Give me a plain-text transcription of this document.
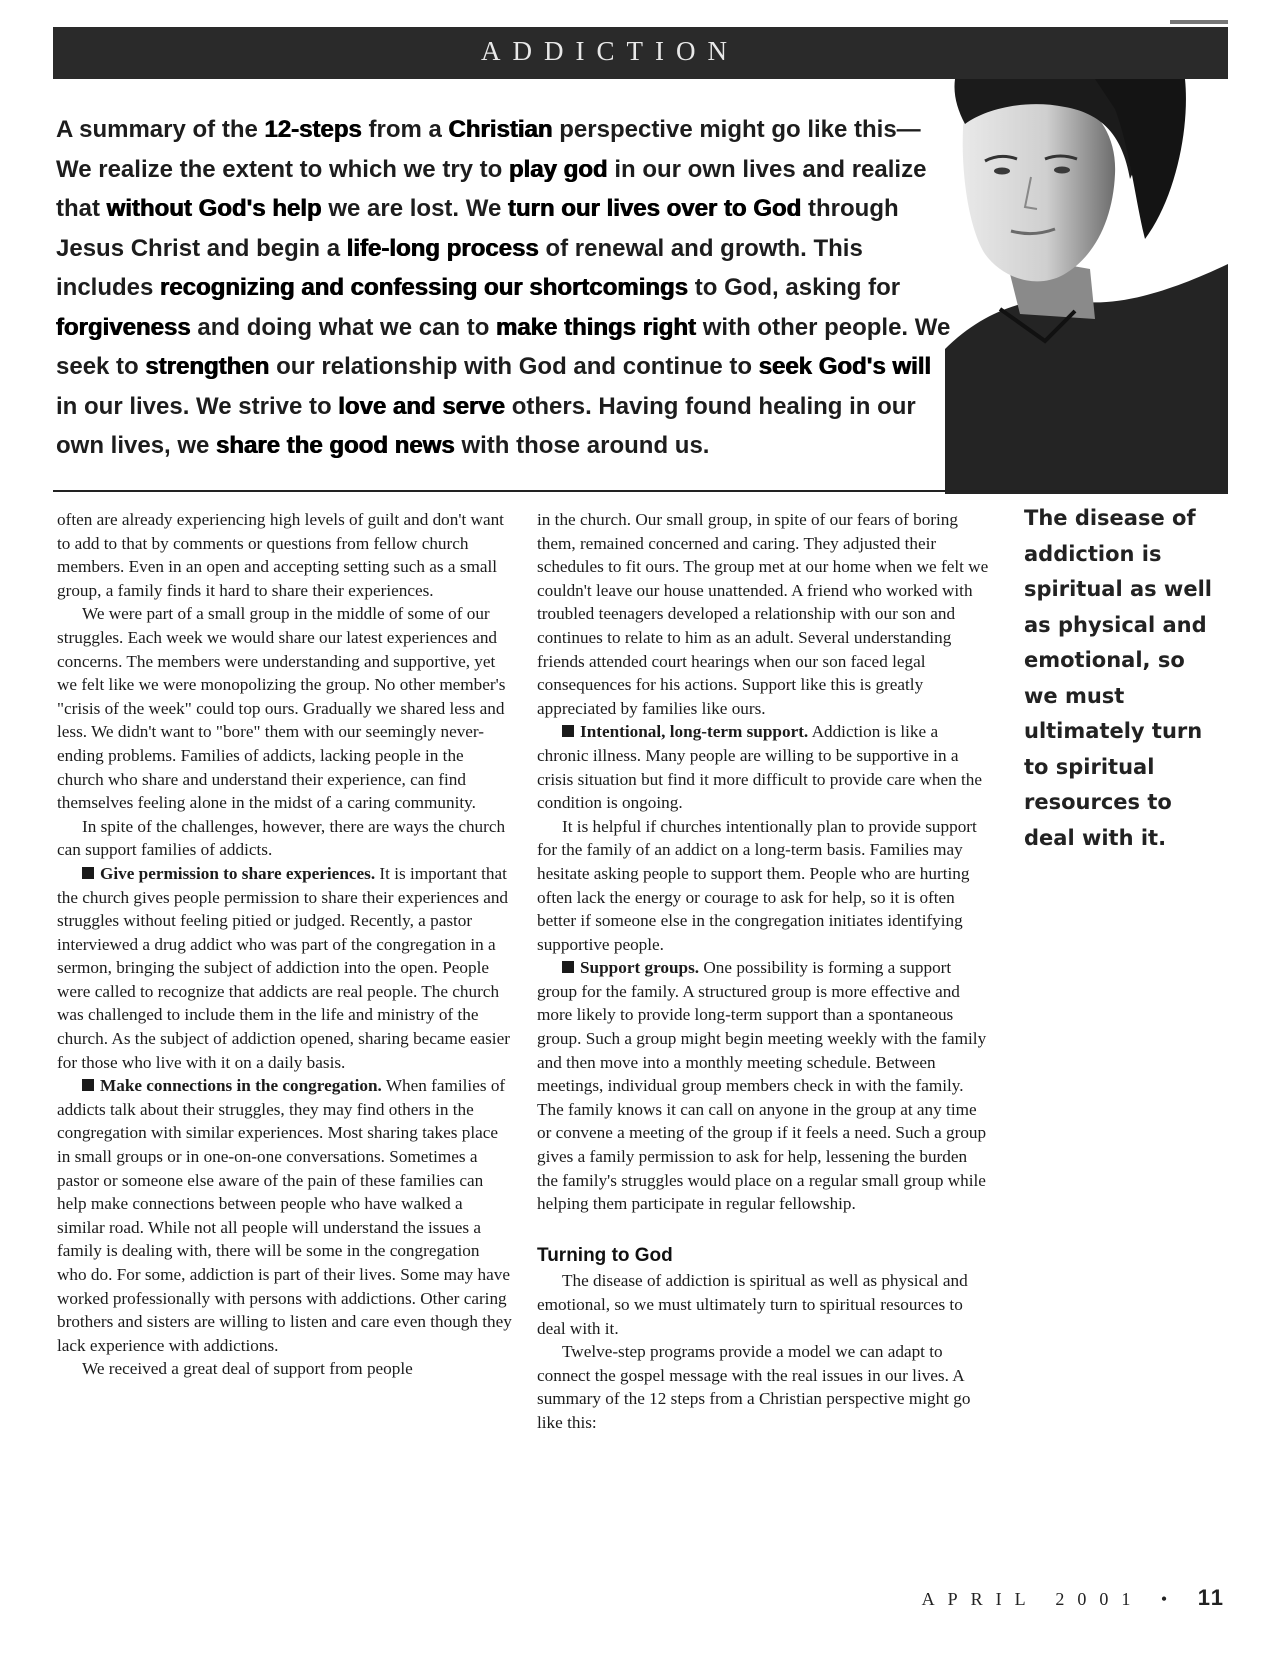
ADDICTION

A summary of the 12-steps from a Christian perspective might go like this— We realize the extent to which we try to play god in our own lives and realize that without God's help we are lost. We turn our lives over to God through Jesus Christ and begin a life-long process of renewal and growth. This includes recognizing and confessing our shortcomings to God, asking for forgiveness and doing what we can to make things right with other people. We seek to strengthen our relationship with God and continue to seek God's will in our lives. We strive to love and serve others. Having found healing in our own lives, we share the good news with those around us.

often are already experiencing high levels of guilt and don't want to add to that by comments or questions from fellow church members. Even in an open and accepting setting such as a small group, a family finds it hard to share their experiences.

We were part of a small group in the middle of some of our struggles. Each week we would share our latest experiences and concerns. The members were understanding and supportive, yet we felt like we were monopolizing the group. No other member's "crisis of the week" could top ours. Gradually we shared less and less. We didn't want to "bore" them with our seemingly never-ending problems. Families of addicts, lacking people in the church who share and understand their experience, can find themselves feeling alone in the midst of a caring community.

In spite of the challenges, however, there are ways the church can support families of addicts.

Give permission to share experiences. It is important that the church gives people permission to share their experiences and struggles without feeling pitied or judged. Recently, a pastor interviewed a drug addict who was part of the congregation in a sermon, bringing the subject of addiction into the open. People were called to recognize that addicts are real people. The church was challenged to include them in the life and ministry of the church. As the subject of addiction opened, sharing became easier for those who live with it on a daily basis.

Make connections in the congregation. When families of addicts talk about their struggles, they may find others in the congregation with similar experiences. Most sharing takes place in small groups or in one-on-one conversations. Sometimes a pastor or someone else aware of the pain of these families can help make connections between people who have walked a similar road. While not all people will understand the issues a family is dealing with, there will be some in the congregation who do. For some, addiction is part of their lives. Some may have worked professionally with persons with addictions. Other caring brothers and sisters are willing to listen and care even though they lack experience with addictions.

We received a great deal of support from people

in the church. Our small group, in spite of our fears of boring them, remained concerned and caring. They adjusted their schedules to fit ours. The group met at our home when we felt we couldn't leave our house unattended. A friend who worked with troubled teenagers developed a relationship with our son and continues to relate to him as an adult. Several understanding friends attended court hearings when our son faced legal consequences for his actions. Support like this is greatly appreciated by families like ours.

Intentional, long-term support. Addiction is like a chronic illness. Many people are willing to be supportive in a crisis situation but find it more difficult to provide care when the condition is ongoing.

It is helpful if churches intentionally plan to provide support for the family of an addict on a long-term basis. Families may hesitate asking people to support them. People who are hurting often lack the energy or courage to ask for help, so it is often better if someone else in the congregation initiates identifying supportive people.

Support groups. One possibility is forming a support group for the family. A structured group is more effective and more likely to provide long-term support than a spontaneous group. Such a group might begin meeting weekly with the family and then move into a monthly meeting schedule. Between meetings, individual group members check in with the family. The family knows it can call on anyone in the group at any time or convene a meeting of the group if it feels a need. Such a group gives a family permission to ask for help, lessening the burden the family's struggles would place on a regular small group while helping them participate in regular fellowship.

Turning to God

The disease of addiction is spiritual as well as physical and emotional, so we must ultimately turn to spiritual resources to deal with it.

Twelve-step programs provide a model we can adapt to connect the gospel message with the real issues in our lives. A summary of the 12 steps from a Christian perspective might go like this:

The disease of addiction is spiritual as well as physical and emotional, so we must ultimately turn to spiritual resources to deal with it.

APRIL 2001 • 11
